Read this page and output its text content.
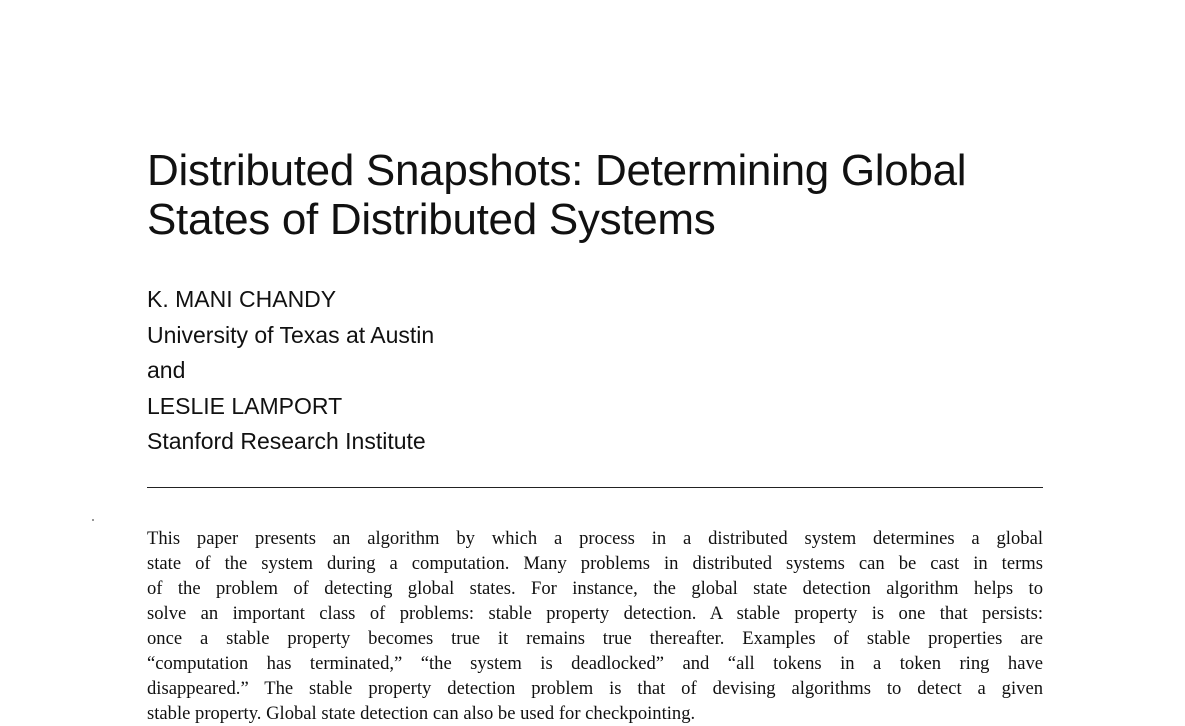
Distributed Snapshots: Determining Global
States of Distributed Systems
K. MANI CHANDY
University of Texas at Austin
and
LESLIE LAMPORT
Stanford Research Institute
This paper presents an algorithm by which a process in a distributed system determines a global
state of the system during a computation. Many problems in distributed systems can be cast in terms
of the problem of detecting global states. For instance, the global state detection algorithm helps to
solve an important class of problems: stable property detection. A stable property is one that persists:
once a stable property becomes true it remains true thereafter. Examples of stable properties are
“computation has terminated,” “the system is deadlocked” and “all tokens in a token ring have
disappeared.” The stable property detection problem is that of devising algorithms to detect a given
stable property. Global state detection can also be used for checkpointing.
